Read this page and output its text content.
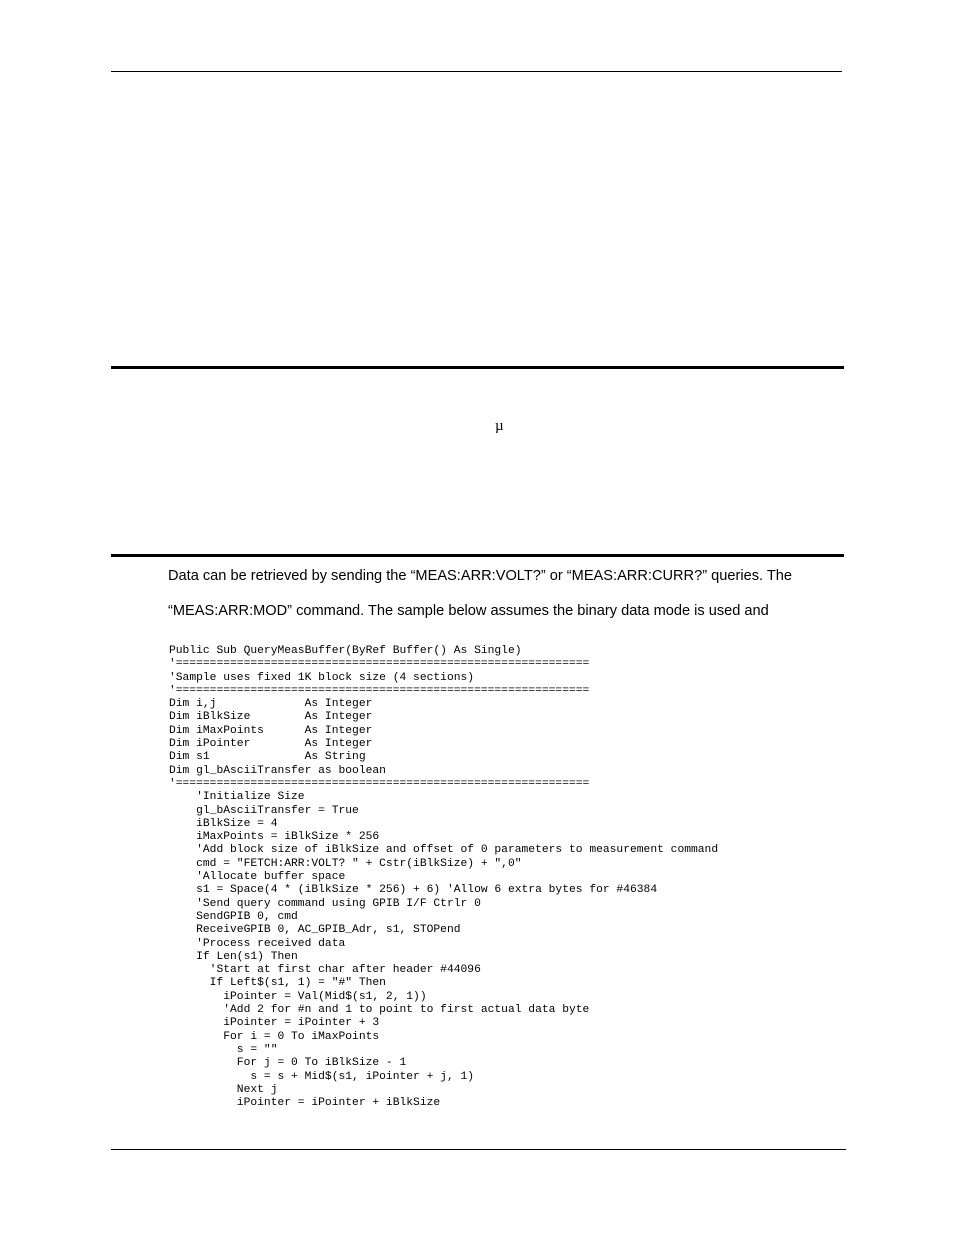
µ

Data can be retrieved by sending the “MEAS:ARR:VOLT?” or “MEAS:ARR:CURR?” queries. The

“MEAS:ARR:MOD” command. The sample below assumes the binary data mode is used and

Public Sub QueryMeasBuffer(ByRef Buffer() As Single)
'=============================================================
'Sample uses fixed 1K block size (4 sections)
'=============================================================
Dim i,j             As Integer
Dim iBlkSize        As Integer
Dim iMaxPoints      As Integer
Dim iPointer        As Integer
Dim s1              As String
Dim gl_bAsciiTransfer as boolean
'=============================================================
'Initialize Size
gl_bAsciiTransfer = True
iBlkSize = 4
iMaxPoints = iBlkSize * 256
'Add block size of iBlkSize and offset of 0 parameters to measurement command
cmd = "FETCH:ARR:VOLT? " + Cstr(iBlkSize) + ",0"
'Allocate buffer space
s1 = Space(4 * (iBlkSize * 256) + 6) 'Allow 6 extra bytes for #46384
'Send query command using GPIB I/F Ctrlr 0
SendGPIB 0, cmd
ReceiveGPIB 0, AC_GPIB_Adr, s1, STOPend
'Process received data
If Len(s1) Then
'Start at first char after header #44096
If Left$(s1, 1) = "#" Then
iPointer = Val(Mid$(s1, 2, 1))
'Add 2 for #n and 1 to point to first actual data byte
iPointer = iPointer + 3
For i = 0 To iMaxPoints
s = ""
For j = 0 To iBlkSize - 1
s = s + Mid$(s1, iPointer + j, 1)
Next j
iPointer = iPointer + iBlkSize
